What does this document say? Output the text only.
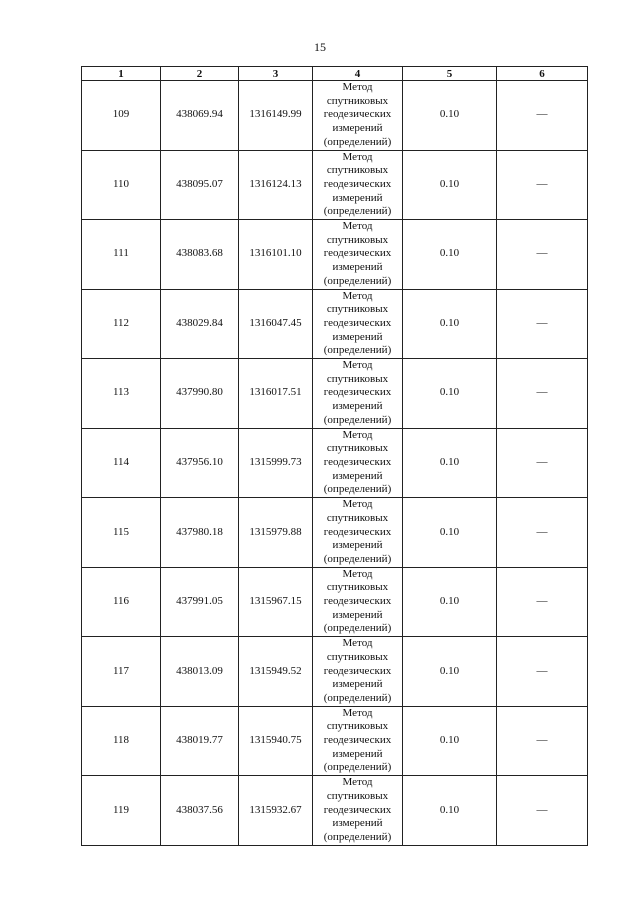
15
1	2	3	4	5	6
109	438069.94	1316149.99	Метод спутниковых геодезических измерений (определений)	0.10	—
110	438095.07	1316124.13	Метод спутниковых геодезических измерений (определений)	0.10	—
111	438083.68	1316101.10	Метод спутниковых геодезических измерений (определений)	0.10	—
112	438029.84	1316047.45	Метод спутниковых геодезических измерений (определений)	0.10	—
113	437990.80	1316017.51	Метод спутниковых геодезических измерений (определений)	0.10	—
114	437956.10	1315999.73	Метод спутниковых геодезических измерений (определений)	0.10	—
115	437980.18	1315979.88	Метод спутниковых геодезических измерений (определений)	0.10	—
116	437991.05	1315967.15	Метод спутниковых геодезических измерений (определений)	0.10	—
117	438013.09	1315949.52	Метод спутниковых геодезических измерений (определений)	0.10	—
118	438019.77	1315940.75	Метод спутниковых геодезических измерений (определений)	0.10	—
119	438037.56	1315932.67	Метод спутниковых геодезических измерений (определений)	0.10	—
